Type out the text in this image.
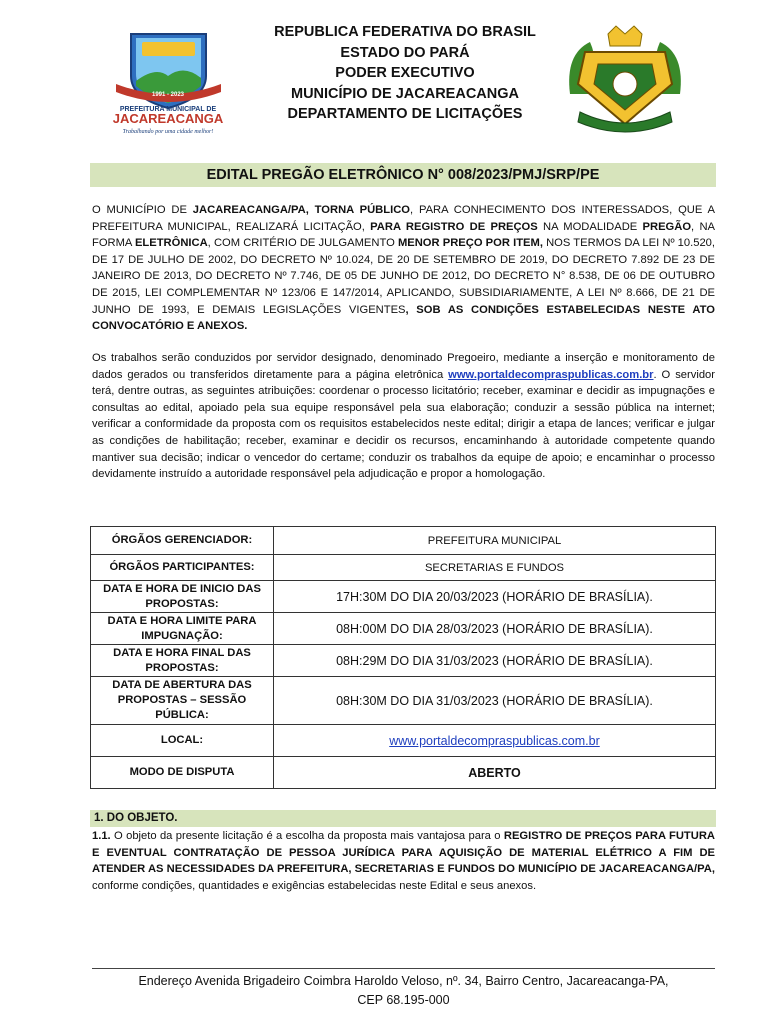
1991 - 2023
PREFEITURA MUNICIPAL DE
JACAREACANGA
Trabalhando por uma cidade melhor!
REPUBLICA FEDERATIVA DO BRASIL
ESTADO DO PARÁ
PODER EXECUTIVO
MUNICÍPIO DE JACAREACANGA
DEPARTAMENTO DE LICITAÇÕES
EDITAL PREGÃO ELETRÔNICO N° 008/2023/PMJ/SRP/PE
O MUNICÍPIO DE JACAREACANGA/PA, TORNA PÚBLICO, PARA CONHECIMENTO DOS INTERESSADOS, QUE A PREFEITURA MUNICIPAL, REALIZARÁ LICITAÇÃO, PARA REGISTRO DE PREÇOS NA MODALIDADE PREGÃO, NA FORMA ELETRÔNICA, COM CRITÉRIO DE JULGAMENTO MENOR PREÇO POR ITEM, NOS TERMOS DA LEI Nº 10.520, DE 17 DE JULHO DE 2002, DO DECRETO Nº 10.024, DE 20 DE SETEMBRO DE 2019, DO DECRETO 7.892 DE 23 DE JANEIRO DE 2013, DO DECRETO Nº 7.746, DE 05 DE JUNHO DE 2012, DO DECRETO N° 8.538, DE 06 DE OUTUBRO DE 2015, LEI COMPLEMENTAR Nº 123/06 E 147/2014, APLICANDO, SUBSIDIARIAMENTE, A LEI Nº 8.666, DE 21 DE JUNHO DE 1993, E DEMAIS LEGISLAÇÕES VIGENTES, SOB AS CONDIÇÕES ESTABELECIDAS NESTE ATO CONVOCATÓRIO E ANEXOS.
Os trabalhos serão conduzidos por servidor designado, denominado Pregoeiro, mediante a inserção e monitoramento de dados gerados ou transferidos diretamente para a página eletrônica www.portaldecompraspublicas.com.br. O servidor terá, dentre outras, as seguintes atribuições: coordenar o processo licitatório; receber, examinar e decidir as impugnações e consultas ao edital, apoiado pela sua equipe responsável pela sua elaboração; conduzir a sessão pública na internet; verificar a conformidade da proposta com os requisitos estabelecidos neste edital; dirigir a etapa de lances; verificar e julgar as condições de habilitação; receber, examinar e decidir os recursos, encaminhando à autoridade competente quando mantiver sua decisão; indicar o vencedor do certame; conduzir os trabalhos da equipe de apoio; e encaminhar o processo devidamente instruído a autoridade responsável pela adjudicação e propor a homologação.
ÓRGÃOS GERENCIADOR:	PREFEITURA MUNICIPAL
ÓRGÃOS PARTICIPANTES:	SECRETARIAS E FUNDOS
DATA E HORA DE INICIO DAS PROPOSTAS:	17H:30M DO DIA 20/03/2023 (HORÁRIO DE BRASÍLIA).
DATA E HORA LIMITE PARA IMPUGNAÇÃO:	08H:00M DO DIA 28/03/2023 (HORÁRIO DE BRASÍLIA).
DATA E HORA FINAL DAS PROPOSTAS:	08H:29M DO DIA 31/03/2023 (HORÁRIO DE BRASÍLIA).
DATA DE ABERTURA DAS PROPOSTAS – SESSÃO PÚBLICA:	08H:30M DO DIA 31/03/2023 (HORÁRIO DE BRASÍLIA).
LOCAL:	www.portaldecompraspublicas.com.br
MODO DE DISPUTA	ABERTO
1. DO OBJETO.
1.1. O objeto da presente licitação é a escolha da proposta mais vantajosa para o REGISTRO DE PREÇOS PARA FUTURA E EVENTUAL CONTRATAÇÃO DE PESSOA JURÍDICA PARA AQUISIÇÃO DE MATERIAL ELÉTRICO A FIM DE ATENDER AS NECESSIDADES DA PREFEITURA, SECRETARIAS E FUNDOS DO MUNICÍPIO DE JACAREACANGA/PA, conforme condições, quantidades e exigências estabelecidas neste Edital e seus anexos.
Endereço Avenida Brigadeiro Coimbra Haroldo Veloso, nº. 34, Bairro Centro, Jacareacanga-PA,
CEP 68.195-000
